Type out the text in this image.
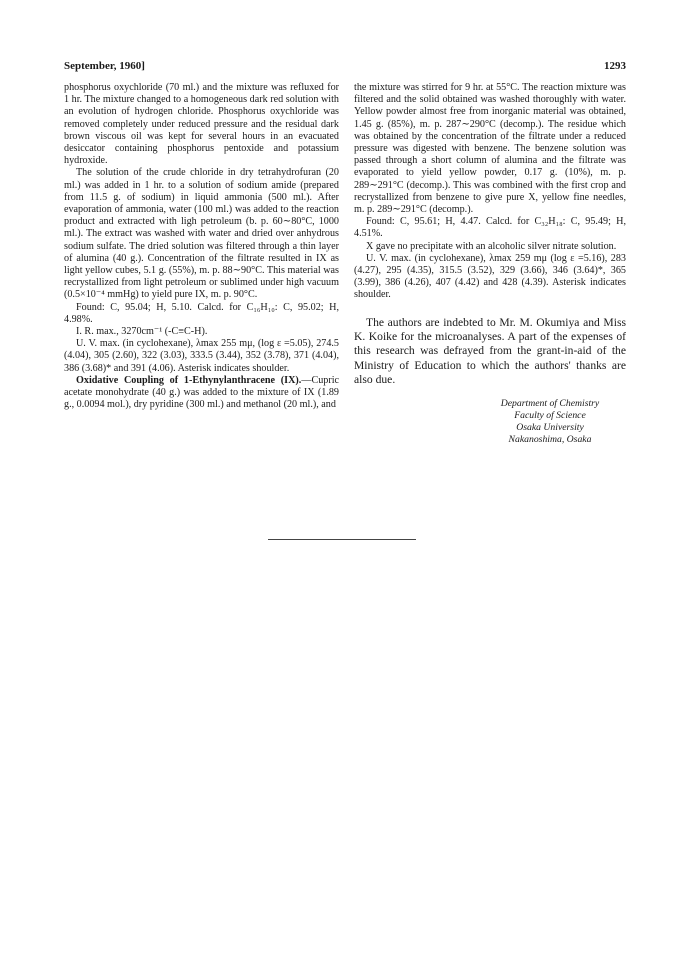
September, 1960]	1293

phosphorus oxychloride (70 ml.) and the mixture was refluxed for 1 hr. The mixture changed to a homogeneous dark red solution with an evolution of hydrogen chloride. Phosphorus oxychloride was removed completely under reduced pressure and the residual dark brown viscous oil was kept for several hours in an evacuated desiccator containing phosphorus pentoxide and potassium hydroxide.

The solution of the crude chloride in dry tetrahydrofuran (20 ml.) was added in 1 hr. to a solution of sodium amide (prepared from 11.5 g. of sodium) in liquid ammonia (500 ml.). After evaporation of ammonia, water (100 ml.) was added to the reaction product and extracted with ligh petroleum (b. p. 60∼80°C, 1000 ml.). The extract was washed with water and dried over anhydrous sodium sulfate. The dried solution was filtered through a thin layer of alumina (40 g.). Concentration of the filtrate resulted in IX as light yellow cubes, 5.1 g. (55%), m. p. 88∼90°C. This material was recrystallized from light petroleum or sublimed under high vacuum (0.5×10⁻⁴ mmHg) to yield pure IX, m. p. 90°C.

Found: C, 95.04; H, 5.10. Calcd. for C₁₆H₁₀: C, 95.02; H, 4.98%.

I. R. max., 3270cm⁻¹ (-C≡C-H).

U. V. max. (in cyclohexane), λmax 255 mμ, (log ε =5.05), 274.5 (4.04), 305 (2.60), 322 (3.03), 333.5 (3.44), 352 (3.78), 371 (4.04), 386 (3.68)* and 391 (4.06). Asterisk indicates shoulder.

Oxidative Coupling of 1-Ethynylanthracene (IX).—Cupric acetate monohydrate (40 g.) was added to the mixture of IX (1.89 g., 0.0094 mol.), dry pyridine (300 ml.) and methanol (20 ml.), and

the mixture was stirred for 9 hr. at 55°C. The reaction mixture was filtered and the solid obtained was washed thoroughly with water. Yellow powder almost free from inorganic material was obtained, 1.45 g. (85%), m. p. 287∼290°C (decomp.). The residue which was obtained by the concentration of the filtrate under a reduced pressure was digested with benzene. The benzene solution was passed through a short column of alumina and the filtrate was evaporated to yield yellow powder, 0.17 g. (10%), m. p. 289∼291°C (decomp.). This was combined with the first crop and recrystallized from benzene to give pure X, yellow fine needles, m. p. 289∼291°C (decomp.).

Found: C, 95.61; H, 4.47. Calcd. for C₃₂H₁₈: C, 95.49; H, 4.51%.

X gave no precipitate with an alcoholic silver nitrate solution.

U. V. max. (in cyclohexane), λmax 259 mμ (log ε =5.16), 283 (4.27), 295 (4.35), 315.5 (3.52), 329 (3.66), 346 (3.64)*, 365 (3.99), 386 (4.26), 407 (4.42) and 428 (4.39). Asterisk indicates shoulder.

The authors are indebted to Mr. M. Okumiya and Miss K. Koike for the microanalyses. A part of the expenses of this research was defrayed from the grant-in-aid of the Ministry of Education to which the authors' thanks are also due.

Department of Chemistry
Faculty of Science
Osaka University
Nakanoshima, Osaka
